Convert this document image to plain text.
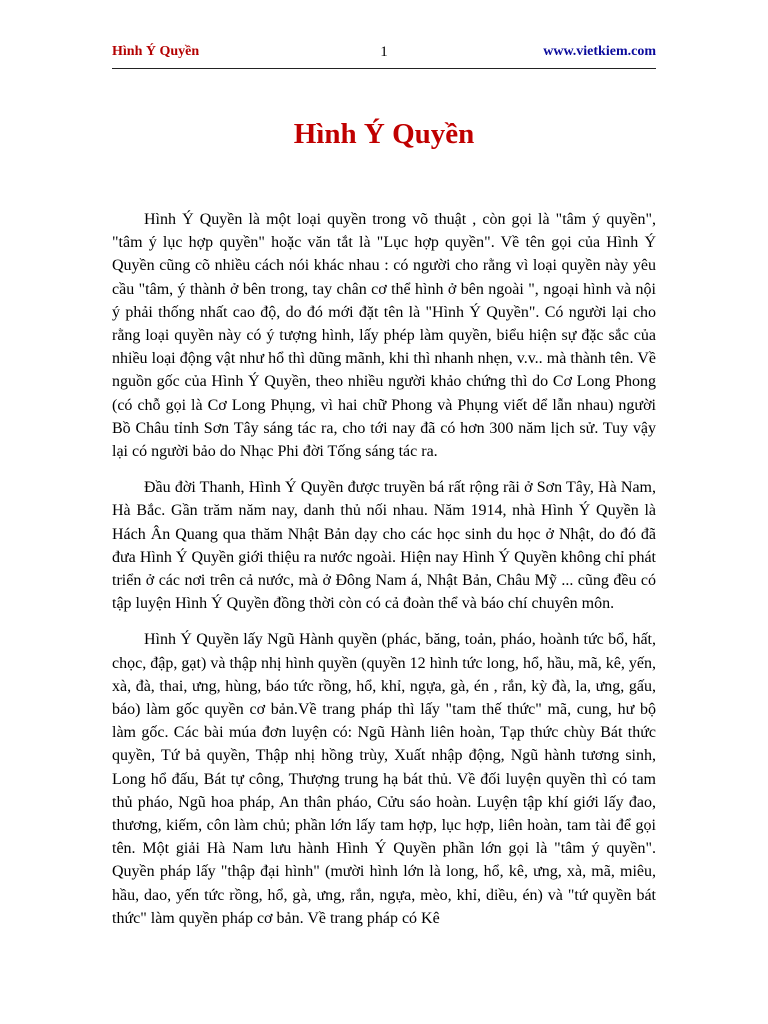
Hình Ý Quyền	1	www.vietkiem.com
Hình Ý Quyền

Hình Ý Quyền là một loại quyền trong võ thuật , còn gọi là "tâm ý quyền", "tâm ý lục hợp quyền" hoặc văn tắt là "Lục hợp quyền". Về tên gọi của Hình Ý Quyền cũng cõ nhiều cách nói khác nhau : có người cho rằng vì loại quyền này yêu cầu "tâm, ý thành ở bên trong, tay chân cơ thể hình ở bên ngoài ", ngoại hình và nội ý phải thống nhất cao độ, do đó mới đặt tên là "Hình Ý Quyền". Có người lại cho rằng loại quyền này có ý tượng hình, lấy phép làm quyền, biểu hiện sự đặc sắc của nhiều loại động vật như hổ thì dũng mãnh, khi thì nhanh nhẹn, v.v.. mà thành tên. Về nguồn gốc của Hình Ý Quyền, theo nhiều người khảo chứng thì do Cơ Long Phong (có chỗ gọi là Cơ Long Phụng, vì hai chữ Phong và Phụng viết dể lẫn nhau) người Bồ Châu tỉnh Sơn Tây sáng tác ra, cho tới nay đã có hơn 300 năm lịch sử. Tuy vậy lại có người bảo do Nhạc Phi đời Tống sáng tác ra.

Đầu đời Thanh, Hình Ý Quyền được truyền bá rất rộng rãi ở Sơn Tây, Hà Nam, Hà Bắc. Gần trăm năm nay, danh thủ nối nhau. Năm 1914, nhà Hình Ý Quyền là Hách Ân Quang qua thăm Nhật Bản dạy cho các học sinh du học ở Nhật, do đó đã đưa Hình Ý Quyền giới thiệu ra nước ngoài. Hiện nay Hình Ý Quyền không chỉ phát triển ở các nơi trên cả nước, mà ở Đông Nam á, Nhật Bản, Châu Mỹ ... cũng đều có tập luyện Hình Ý Quyền đồng thời còn có cả đoàn thể và báo chí chuyên môn.

Hình Ý Quyền lấy Ngũ Hành quyền (phác, băng, toản, pháo, hoành tức bổ, hất, chọc, đập, gạt) và thập nhị hình quyền (quyền 12 hình tức long, hổ, hầu, mã, kê, yến, xà, đà, thai, ưng, hùng, báo tức rồng, hổ, khỉ, ngựa, gà, én , rắn, kỳ đà, la, ưng, gấu, báo) làm gốc quyền cơ bản.Về trang pháp thì lấy "tam thế thức" mã, cung, hư bộ làm gốc. Các bài múa đơn luyện có: Ngũ Hành liên hoàn, Tạp thức chùy Bát thức quyền, Tứ bả quyền, Thập nhị hồng trùy, Xuất nhập động, Ngũ hành tương sinh, Long hổ đấu, Bát tự công, Thượng trung hạ bát thủ. Về đối luyện quyền thì có tam thủ pháo, Ngũ hoa pháp, An thân pháo, Cửu sáo hoàn. Luyện tập khí giới lấy đao, thương, kiếm, côn làm chủ; phần lớn lấy tam hợp, lục hợp, liên hoàn, tam tài để gọi tên. Một giải Hà Nam lưu hành Hình Ý Quyền phần lớn gọi là "tâm ý quyền". Quyền pháp lấy "thập đại hình" (mười hình lớn là long, hổ, kê, ưng, xà, mã, miêu, hầu, dao, yến tức rồng, hổ, gà, ưng, rắn, ngựa, mèo, khỉ, diều, én) và "tứ quyền bát thức" làm quyền pháp cơ bản. Về trang pháp có Kê
